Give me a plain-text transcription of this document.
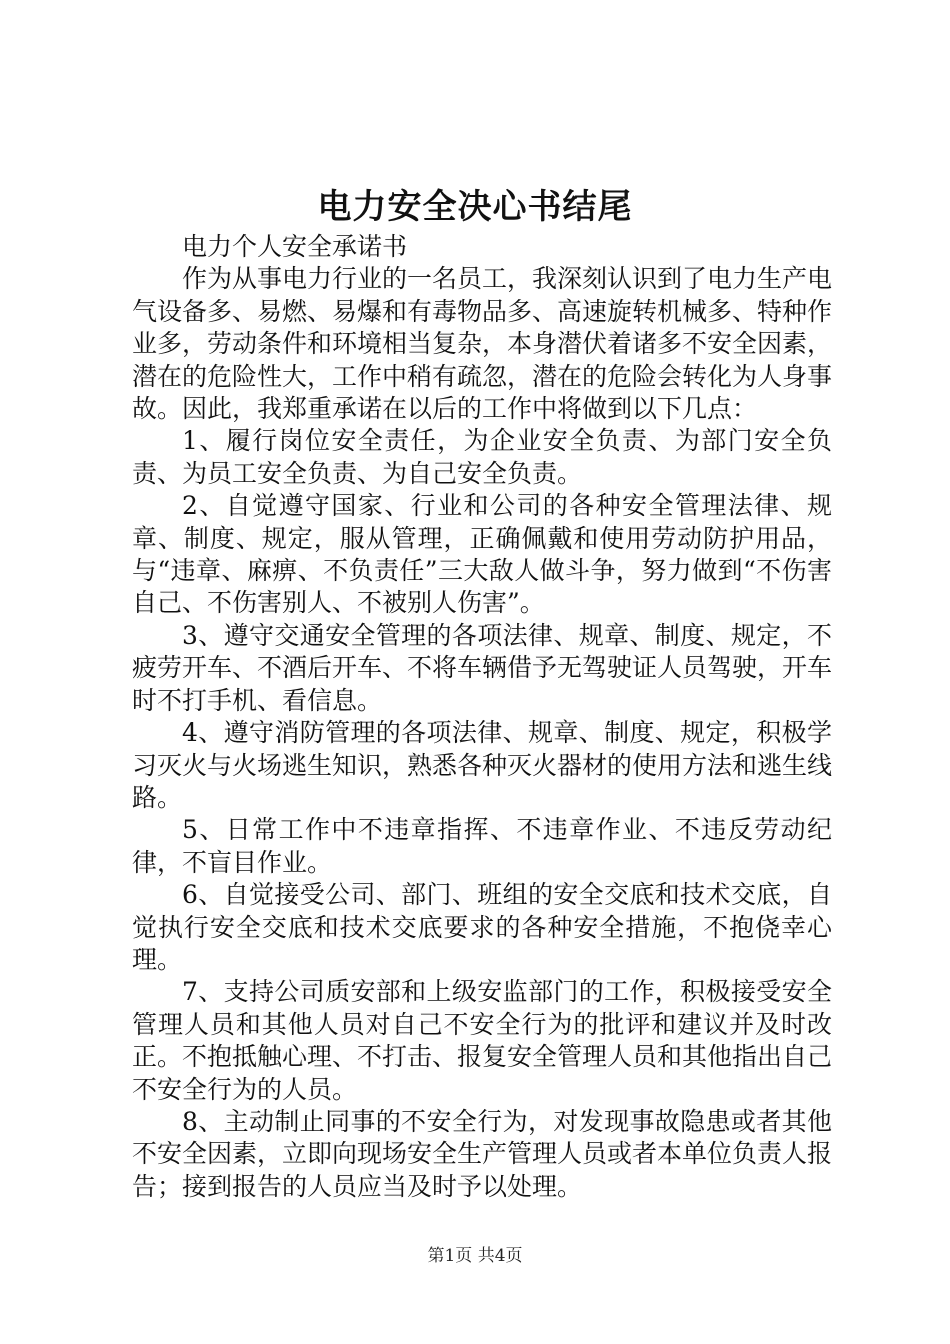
电力安全决心书结尾

电力个人安全承诺书

作为从事电力行业的一名员工，我深刻认识到了电力生产电气设备多、易燃、易爆和有毒物品多、高速旋转机械多、特种作业多，劳动条件和环境相当复杂，本身潜伏着诸多不安全因素，潜在的危险性大，工作中稍有疏忽，潜在的危险会转化为人身事故。因此，我郑重承诺在以后的工作中将做到以下几点：

1、履行岗位安全责任，为企业安全负责、为部门安全负责、为员工安全负责、为自己安全负责。

2、自觉遵守国家、行业和公司的各种安全管理法律、规章、制度、规定，服从管理，正确佩戴和使用劳动防护用品，与“违章、麻痹、不负责任”三大敌人做斗争，努力做到“不伤害自己、不伤害别人、不被别人伤害”。

3、遵守交通安全管理的各项法律、规章、制度、规定，不疲劳开车、不酒后开车、不将车辆借予无驾驶证人员驾驶，开车时不打手机、看信息。

4、遵守消防管理的各项法律、规章、制度、规定，积极学习灭火与火场逃生知识，熟悉各种灭火器材的使用方法和逃生线路。

5、日常工作中不违章指挥、不违章作业、不违反劳动纪律，不盲目作业。

6、自觉接受公司、部门、班组的安全交底和技术交底，自觉执行安全交底和技术交底要求的各种安全措施，不抱侥幸心理。

7、支持公司质安部和上级安监部门的工作，积极接受安全管理人员和其他人员对自己不安全行为的批评和建议并及时改正。不抱抵触心理、不打击、报复安全管理人员和其他指出自己不安全行为的人员。

8、主动制止同事的不安全行为，对发现事故隐患或者其他不安全因素，立即向现场安全生产管理人员或者本单位负责人报告；接到报告的人员应当及时予以处理。

第1页 共4页
